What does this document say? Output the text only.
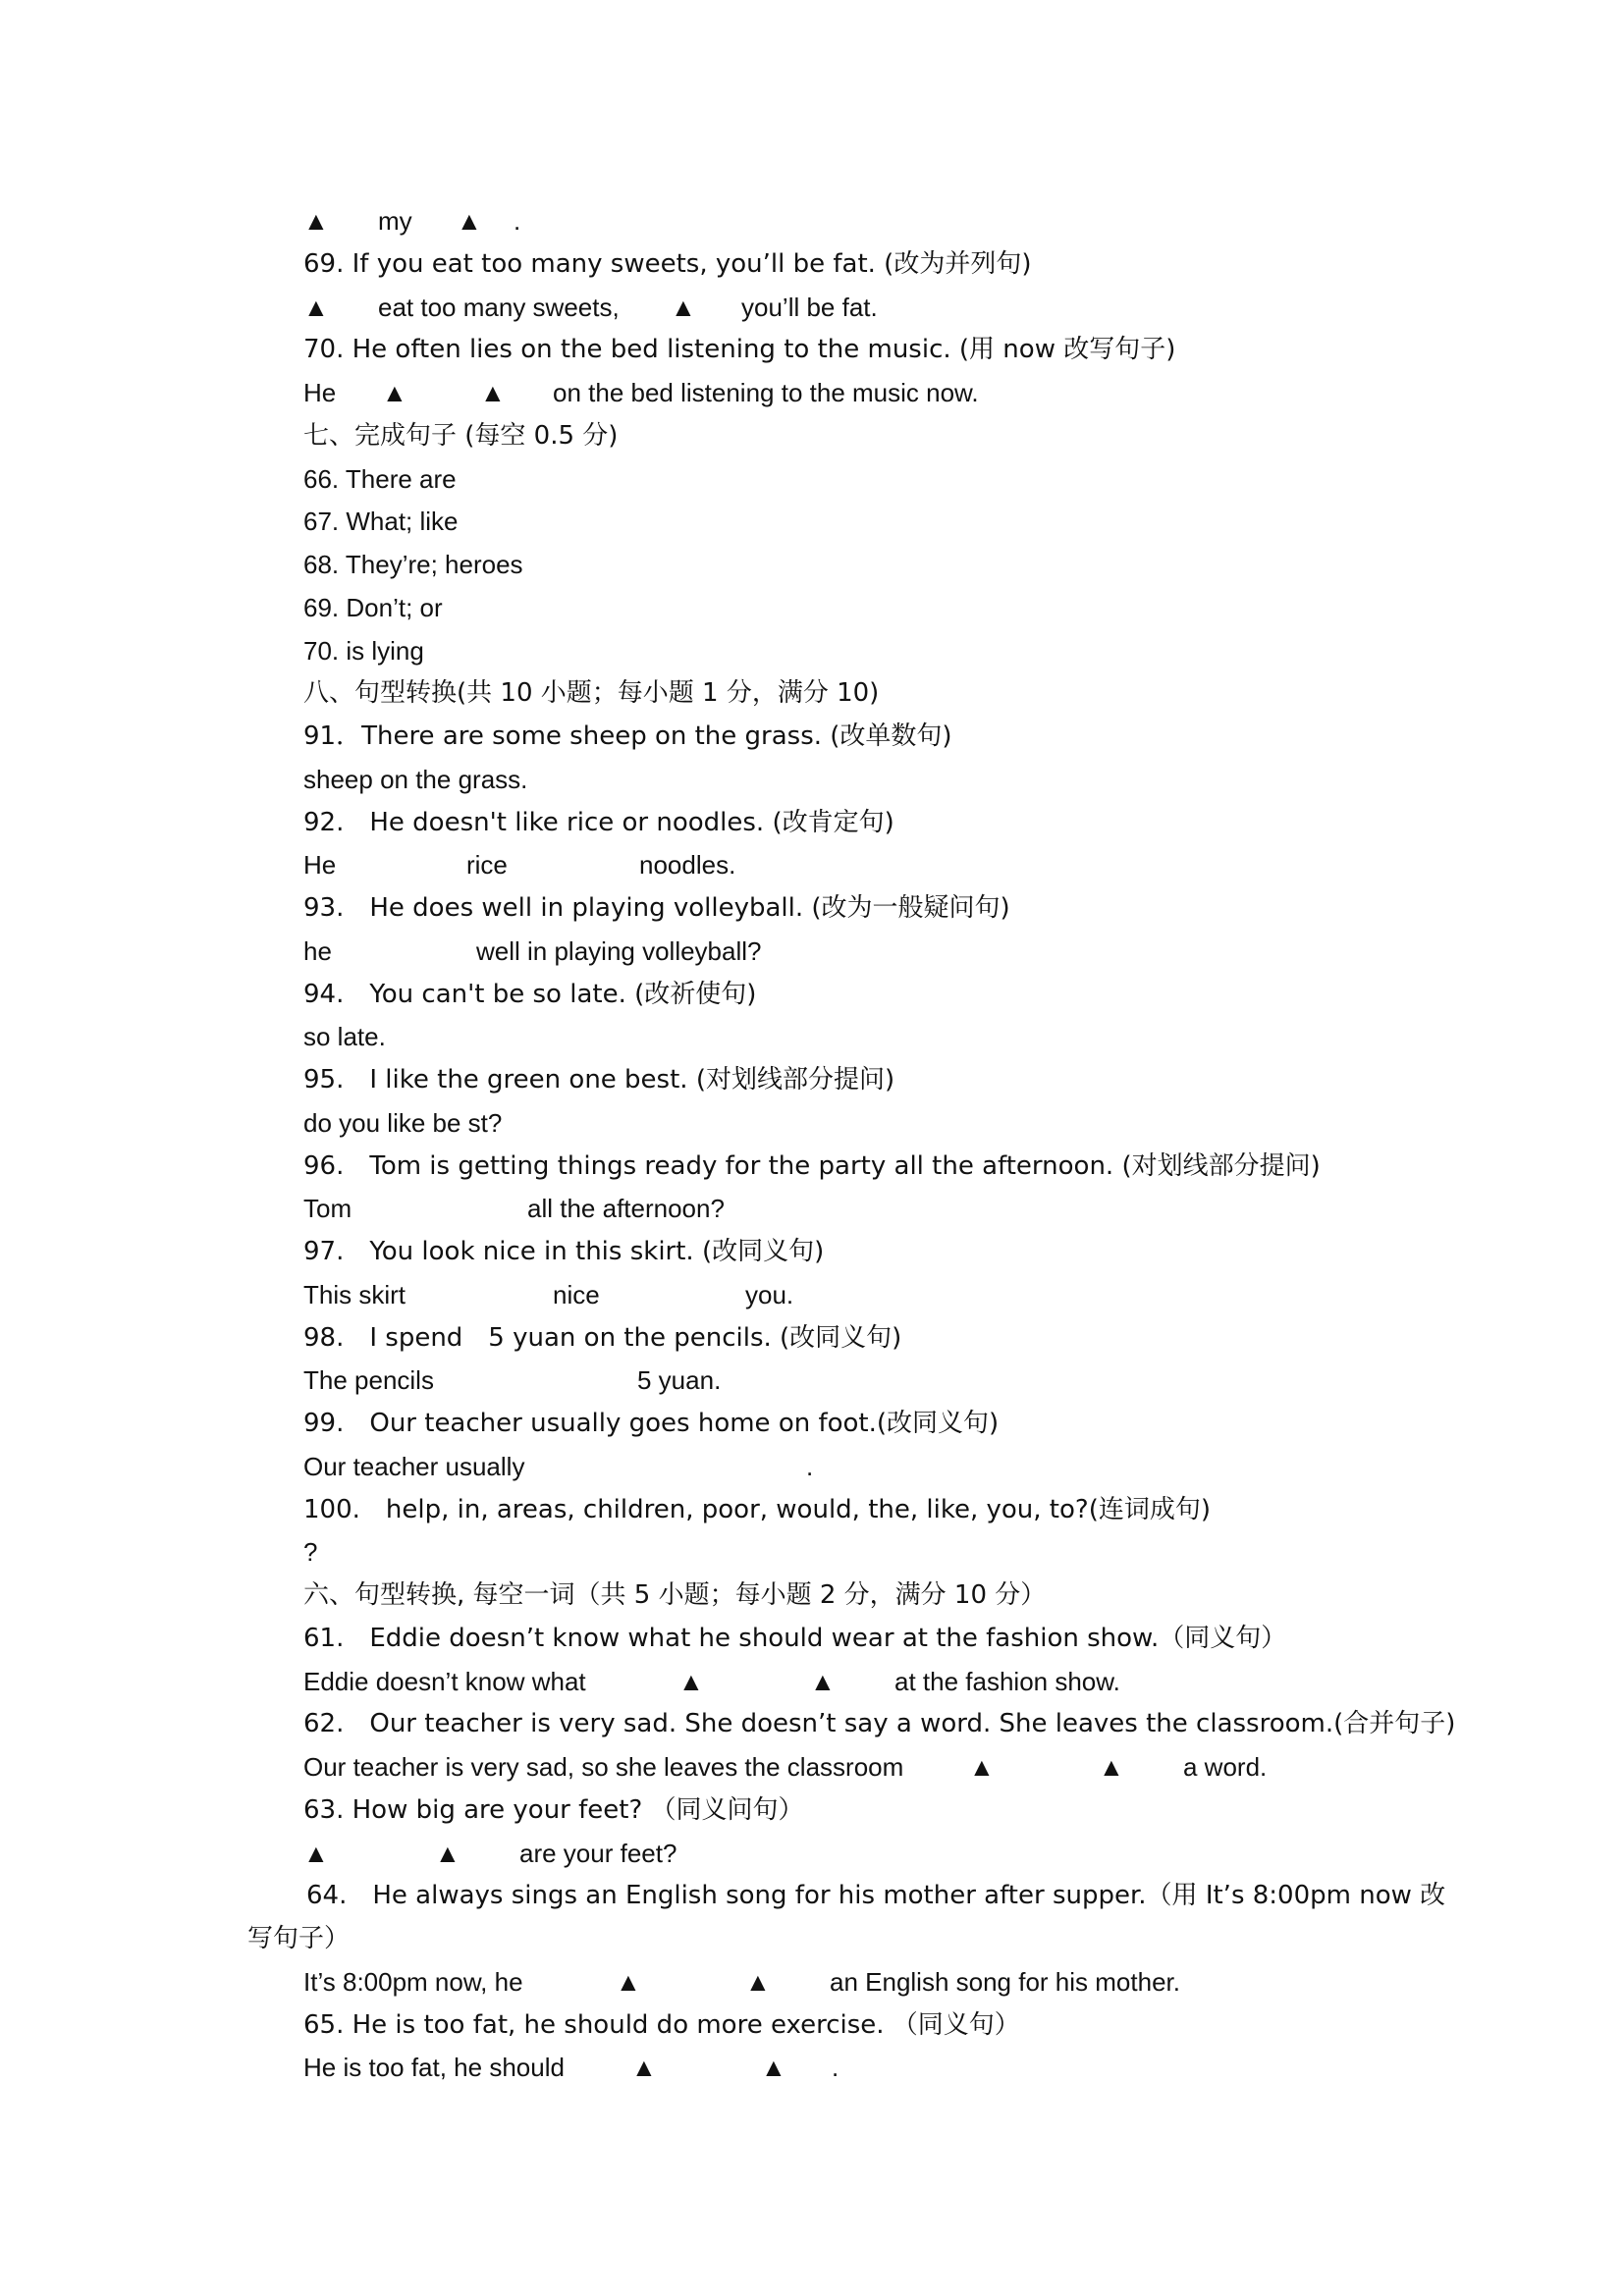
▲ my ▲ .
69. If you eat too many sweets, you’ll be fat. (改为并列句)
▲ eat too many sweets, ▲ you’ll be fat.
70. He often lies on the bed listening to the music. (用 now 改写句子)
He ▲	▲ on the bed listening to the music now.
七、完成句子 (每空 0.5 分)
66. There are
67. What; like
68. They’re; heroes
69. Don’t; or
70. is lying
八、句型转换(共 10 小题；每小题 1 分，满分 10)
91．There are some sheep on the grass. (改单数句)
sheep on the grass.
92.　He doesn't like rice or noodles. (改肯定句)
He	rice	noodles.
93.　He does well in playing volleyball. (改为一般疑问句)
he	well in playing volleyball?
94.　You can't be so late. (改祈使句)
so late.
95.　I like the green one best. (对划线部分提问)
do you like be st?
96.　Tom is getting things ready for the party all the afternoon. (对划线部分提问)
Tom	all the afternoon?
97.　You look nice in this skirt. (改同义句)
This skirt	nice	you.
98.　I spend　5 yuan on the pencils. (改同义句)
The pencils	5 yuan.
99.　Our teacher usually goes home on foot.(改同义句)
Our teacher usually	.
100.　help, in, areas, children, poor, would, the, like, you, to?(连词成句)
?
六、句型转换, 每空一词（共 5 小题；每小题 2 分，满分 10 分）
61.　Eddie doesn’t know what he should wear at the fashion show.（同义句）
Eddie doesn’t know what	▲	▲ at the fashion show.
62.　Our teacher is very sad. She doesn’t say a word. She leaves the classroom.(合并句子)
Our teacher is very sad, so she leaves the classroom	▲	▲ a word.
63. How big are your feet? （同义问句）
▲	▲ are your feet?
64.　He always sings an English song for his mother after supper.（用 It’s 8:00pm now 改
写句子）
It’s 8:00pm now, he	▲	▲ an English song for his mother.
65. He is too fat, he should do more exercise. （同义句）
He is too fat, he should	▲	▲ .
